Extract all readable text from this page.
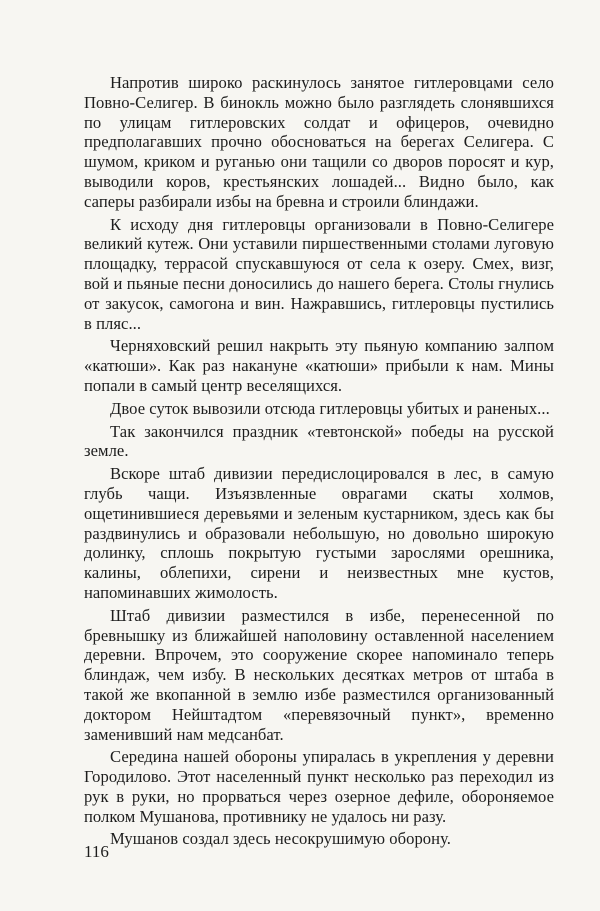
Напротив широко раскинулось занятое гитлеровцами село Повно-Селигер. В бинокль можно было разглядеть слонявшихся по улицам гитлеровских солдат и офицеров, очевидно предполагавших прочно обосноваться на берегах Селигера. С шумом, криком и руганью они тащили со дворов поросят и кур, выводили коров, крестьянских лошадей... Видно было, как саперы разбирали избы на бревна и строили блиндажи.

К исходу дня гитлеровцы организовали в Повно-Селигере великий кутеж. Они уставили пиршественными столами луговую площадку, террасой спускавшуюся от села к озеру. Смех, визг, вой и пьяные песни доносились до нашего берега. Столы гнулись от закусок, самогона и вин. Нажравшись, гитлеровцы пустились в пляс...

Черняховский решил накрыть эту пьяную компанию залпом «катюши». Как раз накануне «катюши» прибыли к нам. Мины попали в самый центр веселящихся.

Двое суток вывозили отсюда гитлеровцы убитых и раненых...

Так закончился праздник «тевтонской» победы на русской земле.

Вскоре штаб дивизии передислоцировался в лес, в самую глубь чащи. Изъязвленные оврагами скаты холмов, ощетинившиеся деревьями и зеленым кустарником, здесь как бы раздвинулись и образовали небольшую, но довольно широкую долинку, сплошь покрытую густыми зарослями орешника, калины, облепихи, сирени и неизвестных мне кустов, напоминавших жимолость.

Штаб дивизии разместился в избе, перенесенной по бревнышку из ближайшей наполовину оставленной населением деревни. Впрочем, это сооружение скорее напоминало теперь блиндаж, чем избу. В нескольких десятках метров от штаба в такой же вкопанной в землю избе разместился организованный доктором Нейштадтом «перевязочный пункт», временно заменивший нам медсанбат.

Середина нашей обороны упиралась в укрепления у деревни Городилово. Этот населенный пункт несколько раз переходил из рук в руки, но прорваться через озерное дефиле, обороняемое полком Мушанова, противнику не удалось ни разу.

Мушанов создал здесь несокрушимую оборону.

116
